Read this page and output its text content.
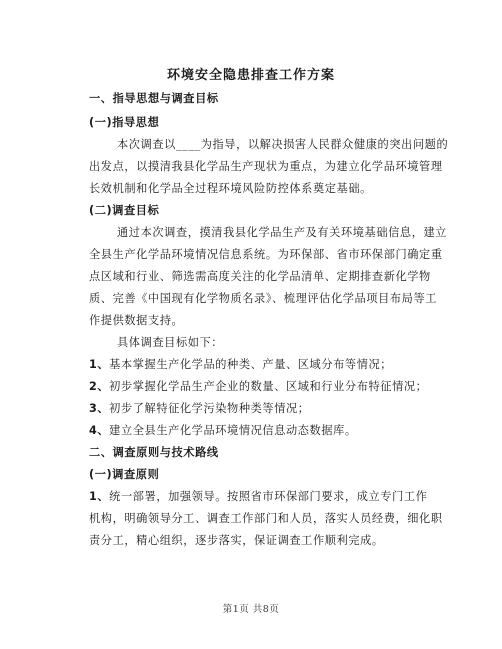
环境安全隐患排查工作方案
一、指导思想与调查目标
(一)指导思想
本次调查以____为指导，以解决损害人民群众健康的突出问题的
出发点，以摸清我县化学品生产现状为重点，为建立化学品环境管理
长效机制和化学品全过程环境风险防控体系奠定基础。
(二)调查目标
通过本次调查，摸清我县化学品生产及有关环境基础信息，建立
全县生产化学品环境情况信息系统。为环保部、省市环保部门确定重
点区域和行业、筛选需高度关注的化学品清单、定期排查新化学物
质、完善《中国现有化学物质名录》、梳理评估化学品项目布局等工
作提供数据支持。
具体调查目标如下：
1、基本掌握生产化学品的种类、产量、区域分布等情况；
2、初步掌握化学品生产企业的数量、区域和行业分布特征情况；
3、初步了解特征化学污染物种类等情况；
4、建立全县生产化学品环境情况信息动态数据库。
二、调查原则与技术路线
(一)调查原则
1、统一部署，加强领导。按照省市环保部门要求，成立专门工作
机构，明确领导分工、调查工作部门和人员，落实人员经费，细化职
责分工，精心组织，逐步落实，保证调查工作顺利完成。
第1页 共8页
